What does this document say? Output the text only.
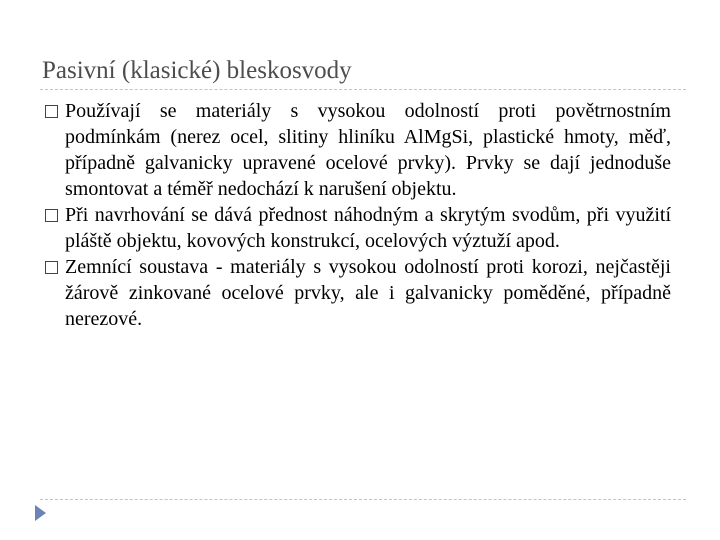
Pasivní (klasické) bleskosvody
Používají se materiály s vysokou odolností proti povětrnostním podmínkám (nerez ocel, slitiny hliníku AlMgSi, plastické hmoty, měď, případně galvanicky upravené ocelové prvky). Prvky se dají jednoduše smontovat a téměř nedochází k narušení objektu.
Při navrhování se dává přednost náhodným a skrytým svodům, při využití pláště objektu, kovových konstrukcí, ocelových výztuží apod.
Zemnící soustava - materiály s vysokou odolností proti korozi, nejčastěji žárově zinkované ocelové prvky, ale i galvanicky poměděné, případně nerezové.
